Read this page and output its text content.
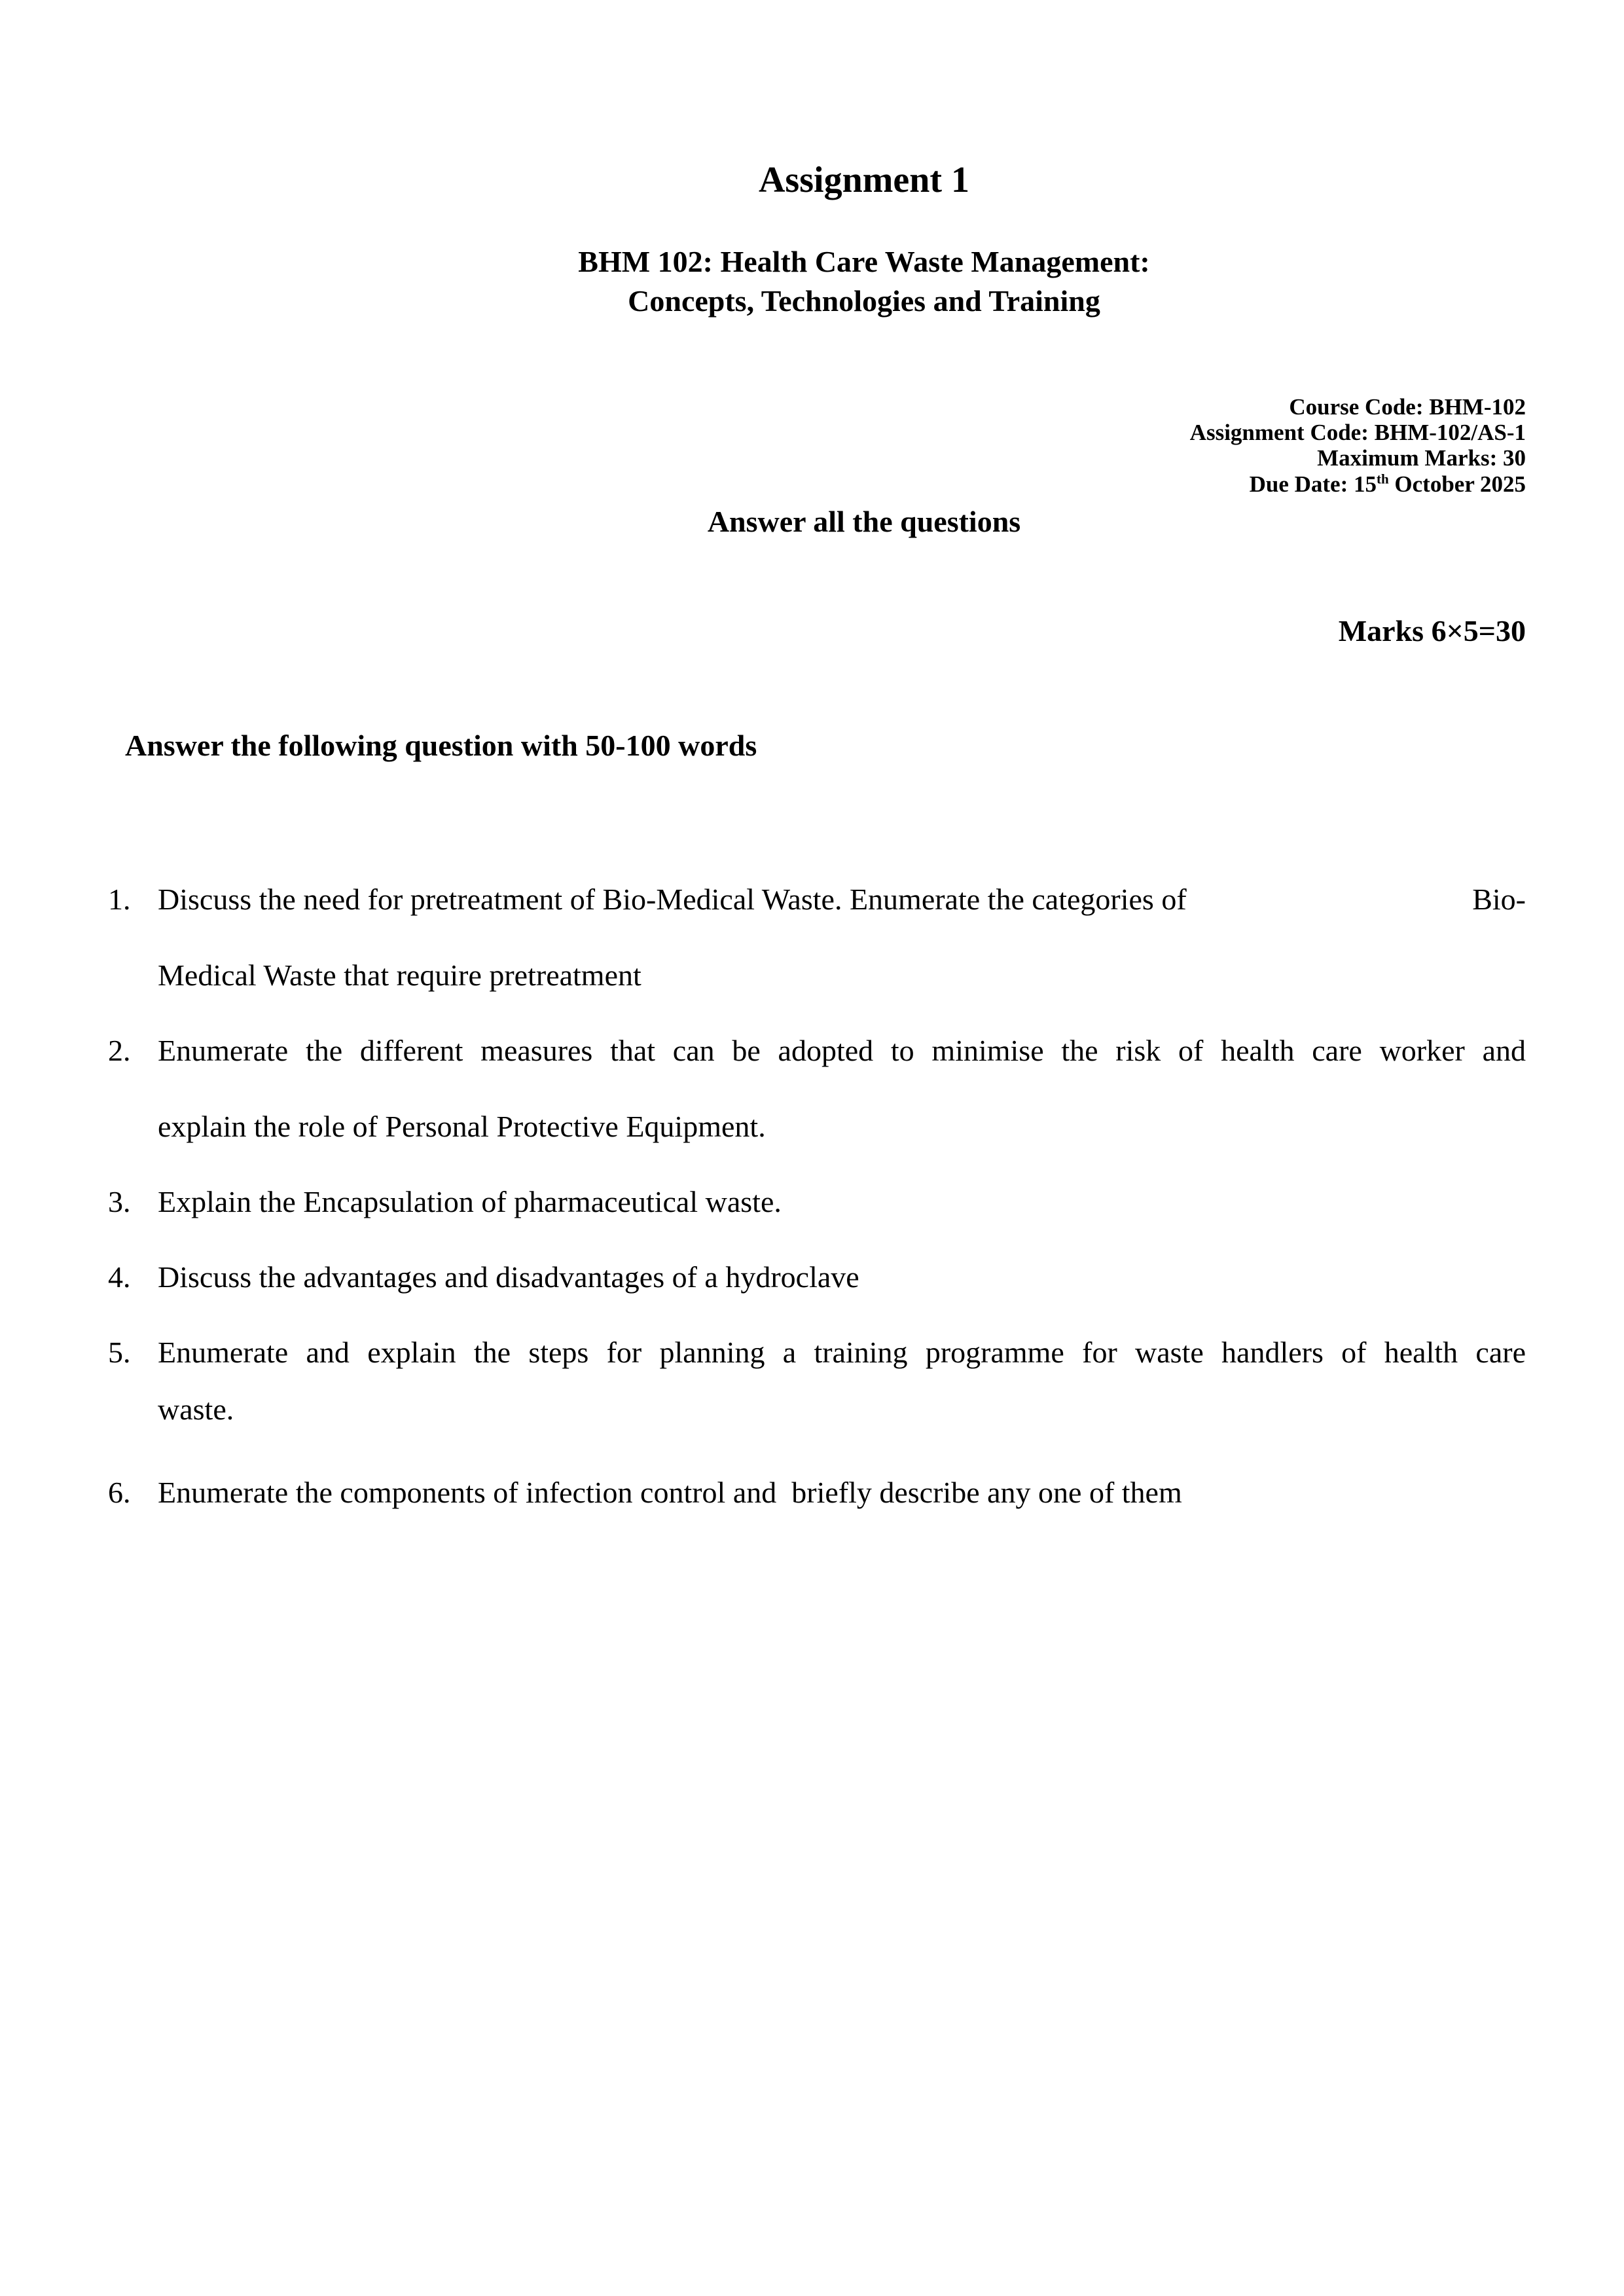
Assignment 1
BHM 102: Health Care Waste Management:
Concepts, Technologies and Training
Course Code: BHM-102
Assignment Code: BHM-102/AS-1
Maximum Marks: 30
Due Date: 15th October 2025
Answer all the questions
Marks 6×5=30
Answer the following question with 50-100 words
1. Discuss the need for pretreatment of Bio-Medical Waste. Enumerate the categories of	Bio-
Medical Waste that require pretreatment
2. Enumerate the different measures that can be adopted to minimise the risk of health care worker and
explain the role of Personal Protective Equipment.
3. Explain the Encapsulation of pharmaceutical waste.
4. Discuss the advantages and disadvantages of a hydroclave
5. Enumerate and explain the steps for planning a training programme for waste handlers of health care
waste.
6. Enumerate the components of infection control and  briefly describe any one of them
